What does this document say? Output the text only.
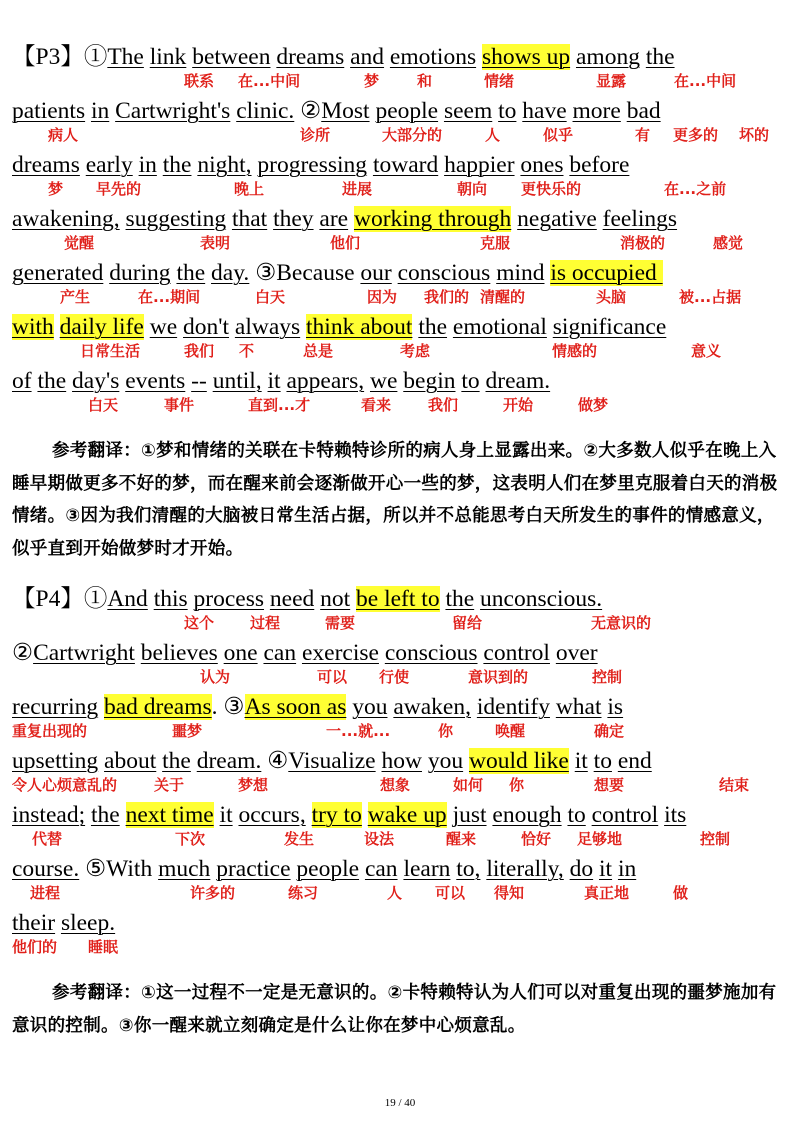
【P3】①The link between dreams and emotions shows up among the
联系 在...中间	梦	和	情绪	显露	在...中间
patients in Cartwright's clinic. ②Most people seem to have more bad
病人	诊所	大部分的	人	似乎	有 更多的 坏的
dreams early in the night, progressing toward happier ones before
梦 早先的	晚上	进展	朝向 更快乐的	在...之前
awakening, suggesting that they are working through negative feelings
觉醒	表明	他们	克服	消极的	感觉
generated during the day. ③Because our conscious mind is occupied
产生	在...期间	白天	因为 我们的 清醒的	头脑	被...占据
with daily life we don't always think about the emotional significance
日常生活	我们 不	总是	考虑	情感的	意义
of the day's events -- until, it appears, we begin to dream.
白天	事件	直到...才	看来 我们	开始	做梦
参考翻译：①梦和情绪的关联在卡特赖特诊所的病人身上显露出来。②大多数人似乎在晚上入睡早期做更多不好的梦，而在醒来前会逐渐做开心一些的梦，这表明人们在梦里克服着白天的消极情绪。③因为我们清醒的大脑被日常生活占据，所以并不总能思考白天所发生的事件的情感意义，似乎直到开始做梦时才开始。
【P4】①And this process need not be left to the unconscious.
这个 过程	需要	留给	无意识的
②Cartwright believes one can exercise conscious control over
认为	可以 行使	意识到的	控制
recurring bad dreams. ③As soon as you awaken, identify what is
重复出现的	噩梦	一...就...	你	唤醒	确定
upsetting about the dream. ④Visualize how you would like it to end
令人心烦意乱的 关于	梦想	想象	如何 你	想要	结束
instead; the next time it occurs, try to wake up just enough to control its
代替	下次	发生	设法	醒来	恰好 足够地	控制
course. ⑤With much practice people can learn to, literally, do it in
进程	许多的	练习	人 可以 得知	真正地	做
their sleep.
他们的 睡眠
参考翻译：①这一过程不一定是无意识的。②卡特赖特认为人们可以对重复出现的噩梦施加有意识的控制。③你一醒来就立刻确定是什么让你在梦中心烦意乱。
19 / 40
